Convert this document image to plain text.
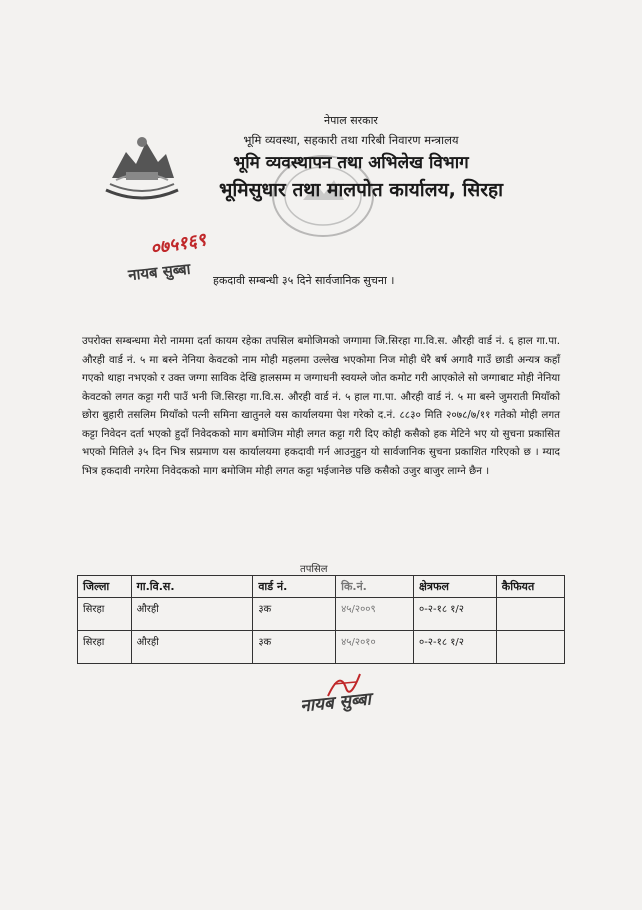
नेपाल सरकार
भूमि व्यवस्था, सहकारी तथा गरिबी निवारण मन्त्रालय
भूमि व्यवस्थापन तथा अभिलेख विभाग
भूमिसुधार तथा मालपोत कार्यालय, सिरहा
०७५१६९
नायब सुब्बा हकदावी सम्बन्धी ३५ दिने सार्वजानिक सुचना ।
उपरोक्त सम्बन्धमा मेरो नाममा दर्ता कायम रहेका तपसिल बमोजिमको जग्गामा जि.सिरहा गा.वि.स. औरही वार्ड नं. ६ हाल गा.पा. औरही वार्ड नं. ५ मा बस्ने नेनिया केवटको नाम मोही महलमा उल्लेख भएकोमा निज मोही धेरै बर्ष अगावै गाउँ छाडी अन्यत्र कहाँ गएको थाहा नभएको र उक्त जग्गा साविक देखि हालसम्म म जग्गाधनी स्वयम्ले जोत कमोट गरी आएकोले सो जग्गाबाट मोही नेनिया केवटको लगत कट्टा गरी पाउँ भनी जि.सिरहा गा.वि.स. औरही वार्ड नं. ५ हाल गा.पा. औरही वार्ड नं. ५ मा बस्ने जुमराती मियाँको छोरा बुहारी तसलिम मियाँको पत्नी समिना खातुनले यस कार्यालयमा पेश गरेको द.नं. ८८३० मिति २०७८/७/११ गतेको मोही लगत कट्टा निवेदन दर्ता भएको हुदाँ निवेदकको माग बमोजिम मोही लगत कट्टा गरी दिए कोही कसैको हक मेटिने भए यो सुचना प्रकासित भएको मितिले ३५ दिन भित्र सप्रमाण यस कार्यालयमा हकदावी गर्न आउनुहुन यो सार्वजानिक सुचना प्रकाशित गरिएको छ । म्याद भित्र हकदावी नगरेमा निवेदकको माग बमोजिम मोही लगत कट्टा भईजानेछ पछि कसैको उजुर बाजुर लाग्ने छैन ।
तपसिल
जिल्ला	गा.वि.स.	वार्ड नं.	कि.नं.	क्षेत्रफल	कैफियत
सिरहा	औरही	३क	४५/२००९	०-२-१८ १/२	
सिरहा	औरही	३क	४५/२०१०	०-२-१८ १/२	
नायब सुब्बा
